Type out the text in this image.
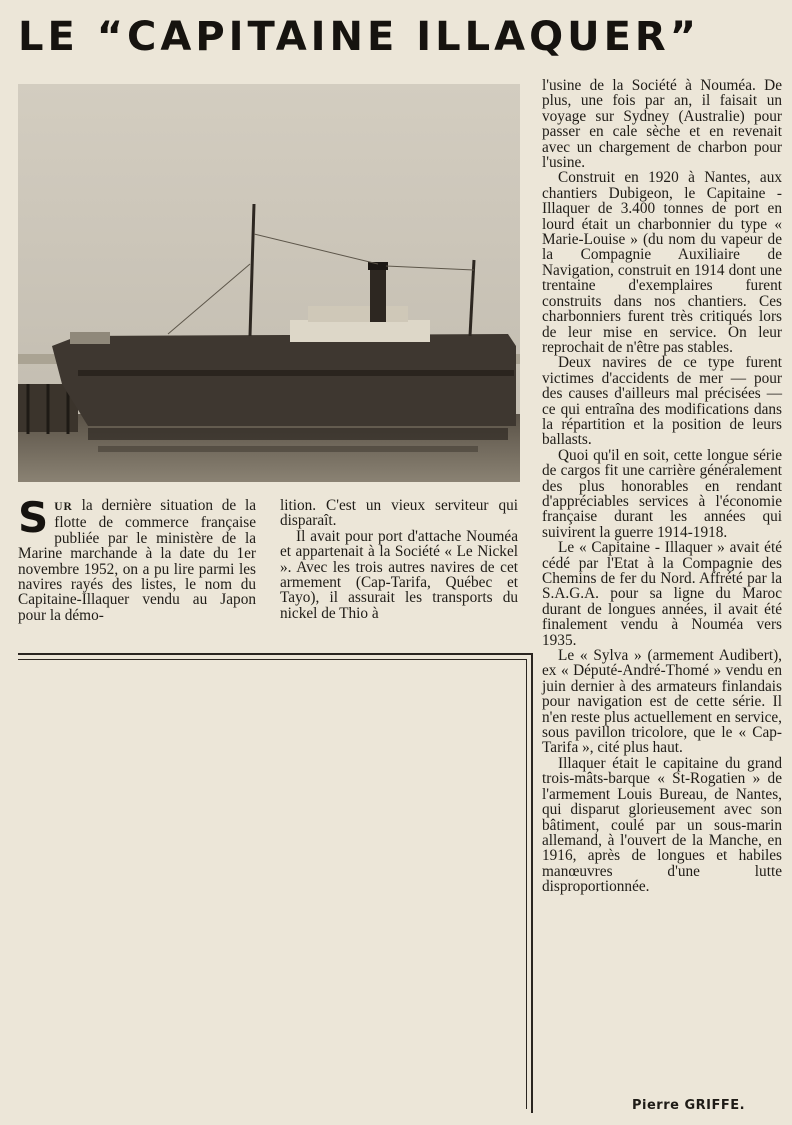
LE “CAPITAINE ILLAQUER”

SUR la dernière situation de la flotte de commerce française publiée par le ministère de la Marine marchande à la date du 1er novembre 1952, on a pu lire parmi les navires rayés des listes, le nom du Capitaine-Illaquer vendu au Japon pour la démo-

lition. C'est un vieux serviteur qui disparaît.

Il avait pour port d'attache Nouméa et appartenait à la Société « Le Nickel ». Avec les trois autres navires de cet armement (Cap-Tarifa, Québec et Tayo), il assurait les transports du nickel de Thio à

l'usine de la Société à Nouméa. De plus, une fois par an, il faisait un voyage sur Sydney (Australie) pour passer en cale sèche et en revenait avec un chargement de charbon pour l'usine.

Construit en 1920 à Nantes, aux chantiers Dubigeon, le Capitaine - Illaquer de 3.400 tonnes de port en lourd était un charbonnier du type « Marie-Louise » (du nom du vapeur de la Compagnie Auxiliaire de Navigation, construit en 1914 dont une trentaine d'exemplaires furent construits dans nos chantiers. Ces charbonniers furent très critiqués lors de leur mise en service. On leur reprochait de n'être pas stables.

Deux navires de ce type furent victimes d'accidents de mer — pour des causes d'ailleurs mal précisées — ce qui entraîna des modifications dans la répartition et la position de leurs ballasts.

Quoi qu'il en soit, cette longue série de cargos fit une carrière généralement des plus honorables en rendant d'appréciables services à l'économie française durant les années qui suivirent la guerre 1914-1918.

Le « Capitaine - Illaquer » avait été cédé par l'Etat à la Compagnie des Chemins de fer du Nord. Affrété par la S.A.G.A. pour sa ligne du Maroc durant de longues années, il avait été finalement vendu à Nouméa vers 1935.

Le « Sylva » (armement Audibert), ex « Député-André-Thomé » vendu en juin dernier à des armateurs finlandais pour navigation est de cette série. Il n'en reste plus actuellement en service, sous pavillon tricolore, que le « Cap-Tarifa », cité plus haut.

Illaquer était le capitaine du grand trois-mâts-barque « St-Rogatien » de l'armement Louis Bureau, de Nantes, qui disparut glorieusement avec son bâtiment, coulé par un sous-marin allemand, à l'ouvert de la Manche, en 1916, après de longues et habiles manœuvres d'une lutte disproportionnée.

Pierre GRIFFE.
